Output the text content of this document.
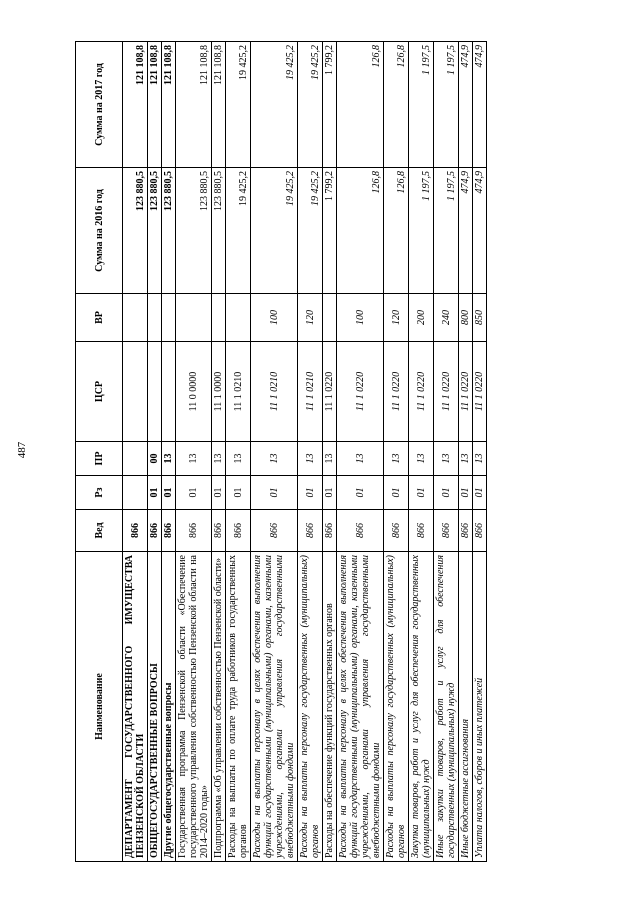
487
Наименование	Вед	Рз	ПР	ЦСР	ВР	Сумма на 2016 год	Сумма на 2017 год
ДЕПАРТАМЕНТ ГОСУДАРСТВЕННОГО ИМУЩЕСТВА ПЕНЗЕНСКОЙ ОБЛАСТИ	866					123 880,5	121 108,8
ОБЩЕГОСУДАРСТВЕННЫЕ ВОПРОСЫ	866	01	00			123 880,5	121 108,8
Другие общегосударственные вопросы	866	01	13			123 880,5	121 108,8
Государственная программа Пензенской области «Обеспечение государственного управления собственностью Пензенской области на 2014–2020 годы»	866	01	13	11 0 0000		123 880,5	121 108,8
Подпрограмма «Об управлении собственностью Пензенской области»	866	01	13	11 1 0000		123 880,5	121 108,8
Расходы на выплаты по оплате труда работников государственных органов	866	01	13	11 1 0210		19 425,2	19 425,2
Расходы на выплаты персоналу в целях обеспечения выполнения функций государственными (муниципальными) органами, казенными учреждениями, органами управления государственными внебюджетными фондами	866	01	13	11 1 0210	100	19 425,2	19 425,2
Расходы на выплаты персоналу государственных (муниципальных) органов	866	01	13	11 1 0210	120	19 425,2	19 425,2
Расходы на обеспечение функций государственных органов	866	01	13	11 1 0220		1 799,2	1 799,2
Расходы на выплаты персоналу в целях обеспечения выполнения функций государственными (муниципальными) органами, казенными учреждениями, органами управления государственными внебюджетными фондами	866	01	13	11 1 0220	100	126,8	126,8
Расходы на выплаты персоналу государственных (муниципальных) органов	866	01	13	11 1 0220	120	126,8	126,8
Закупка товаров, работ и услуг для обеспечения государственных (муниципальных) нужд	866	01	13	11 1 0220	200	1 197,5	1 197,5
Иные закупки товаров, работ и услуг для обеспечения государственных (муниципальных) нужд	866	01	13	11 1 0220	240	1 197,5	1 197,5
Иные бюджетные ассигнования	866	01	13	11 1 0220	800	474,9	474,9
Уплата налогов, сборов и иных платежей	866	01	13	11 1 0220	850	474,9	474,9
